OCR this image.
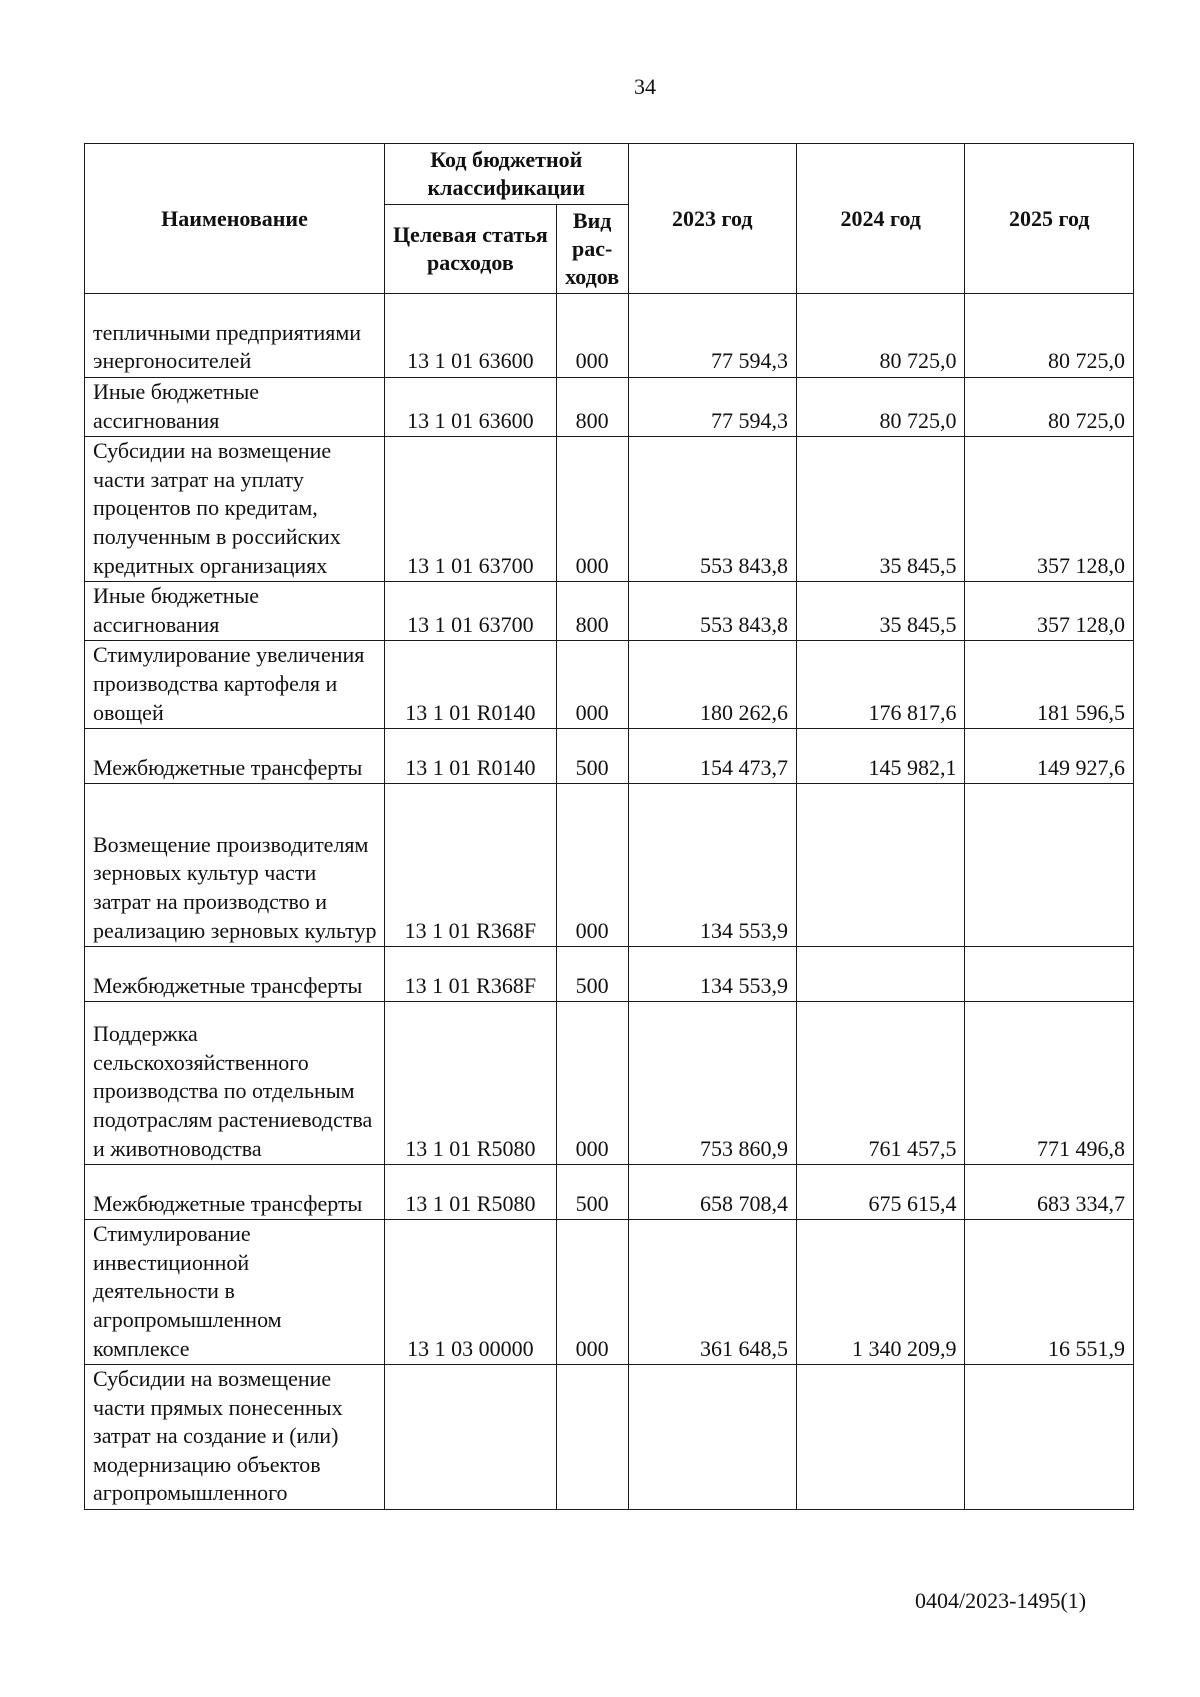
34
Наименование	Код бюджетной классификации		2023 год	2024 год	2025 год
	Целевая статья расходов	Вид рас-ходов			
тепличными предприятиями энергоносителей	13 1 01 63600	000	77 594,3	80 725,0	80 725,0
Иные бюджетные ассигнования	13 1 01 63600	800	77 594,3	80 725,0	80 725,0
Субсидии на возмещение части затрат на уплату процентов по кредитам, полученным в российских кредитных организациях	13 1 01 63700	000	553 843,8	35 845,5	357 128,0
Иные бюджетные ассигнования	13 1 01 63700	800	553 843,8	35 845,5	357 128,0
Стимулирование увеличения производства картофеля и овощей	13 1 01 R0140	000	180 262,6	176 817,6	181 596,5
Межбюджетные трансферты	13 1 01 R0140	500	154 473,7	145 982,1	149 927,6
Возмещение производителям зерновых культур части затрат на производство и реализацию зерновых культур	13 1 01 R368F	000	134 553,9		
Межбюджетные трансферты	13 1 01 R368F	500	134 553,9		
Поддержка сельскохозяйственного производства по отдельным подотраслям растениеводства и животноводства	13 1 01 R5080	000	753 860,9	761 457,5	771 496,8
Межбюджетные трансферты	13 1 01 R5080	500	658 708,4	675 615,4	683 334,7
Стимулирование инвестиционной деятельности в агропромышленном комплексе	13 1 03 00000	000	361 648,5	1 340 209,9	16 551,9
Субсидии на возмещение части прямых понесенных затрат на создание и (или) модернизацию объектов агропромышленного					
0404/2023-1495(1)
